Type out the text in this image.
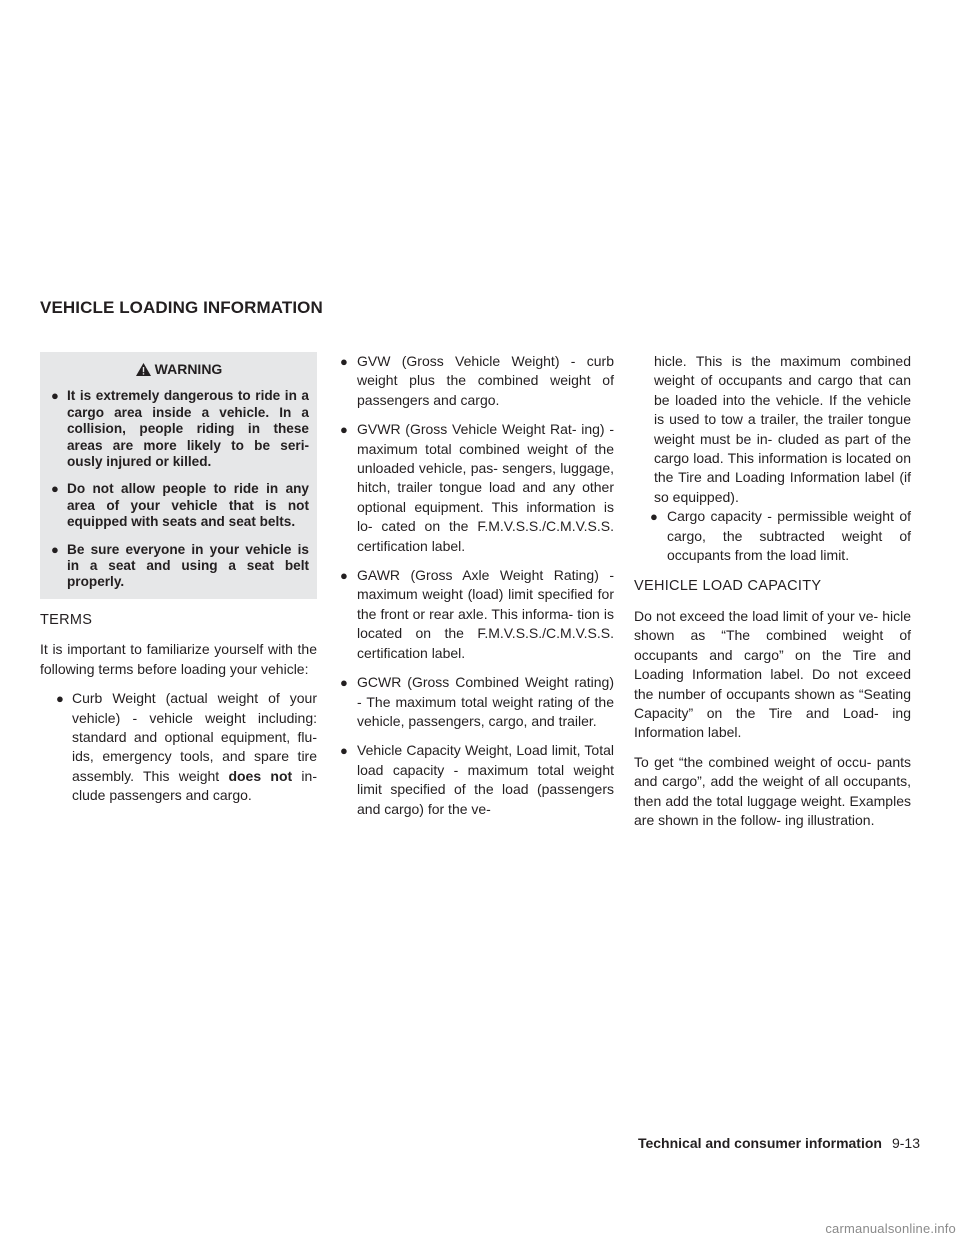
VEHICLE LOADING INFORMATION
WARNING
● It is extremely dangerous to ride in a cargo area inside a vehicle. In a collision, people riding in these areas are more likely to be seri- ously injured or killed.
● Do not allow people to ride in any area of your vehicle that is not equipped with seats and seat belts.
● Be sure everyone in your vehicle is in a seat and using a seat belt properly.
TERMS

It is important to familiarize yourself with the following terms before loading your vehicle:

● Curb Weight (actual weight of your vehicle) - vehicle weight including: standard and optional equipment, flu- ids, emergency tools, and spare tire assembly. This weight does not in- clude passengers and cargo.
● GVW (Gross Vehicle Weight) - curb weight plus the combined weight of passengers and cargo.
● GVWR (Gross Vehicle Weight Rat- ing) - maximum total combined weight of the unloaded vehicle, pas- sengers, luggage, hitch, trailer tongue load and any other optional equipment. This information is lo- cated on the F.M.V.S.S./C.M.V.S.S. certification label.
● GAWR (Gross Axle Weight Rating) - maximum weight (load) limit specified for the front or rear axle. This informa- tion is located on the F.M.V.S.S./C.M.V.S.S. certification label.
● GCWR (Gross Combined Weight rating) - The maximum total weight rating of the vehicle, passengers, cargo, and trailer.
● Vehicle Capacity Weight, Load limit, Total load capacity - maximum total weight limit specified of the load (passengers and cargo) for the ve-

hicle. This is the maximum combined weight of occupants and cargo that can be loaded into the vehicle. If the vehicle is used to tow a trailer, the trailer tongue weight must be in- cluded as part of the cargo load. This information is located on the Tire and Loading Information label (if so equipped).

● Cargo capacity - permissible weight of cargo, the subtracted weight of occupants from the load limit.
VEHICLE LOAD CAPACITY

Do not exceed the load limit of your ve- hicle shown as “The combined weight of occupants and cargo” on the Tire and Loading Information label. Do not exceed the number of occupants shown as “Seating Capacity” on the Tire and Load- ing Information label.

To get “the combined weight of occu- pants and cargo”, add the weight of all occupants, then add the total luggage weight. Examples are shown in the follow- ing illustration.

Technical and consumer information 9-13
carmanualsonline.info
